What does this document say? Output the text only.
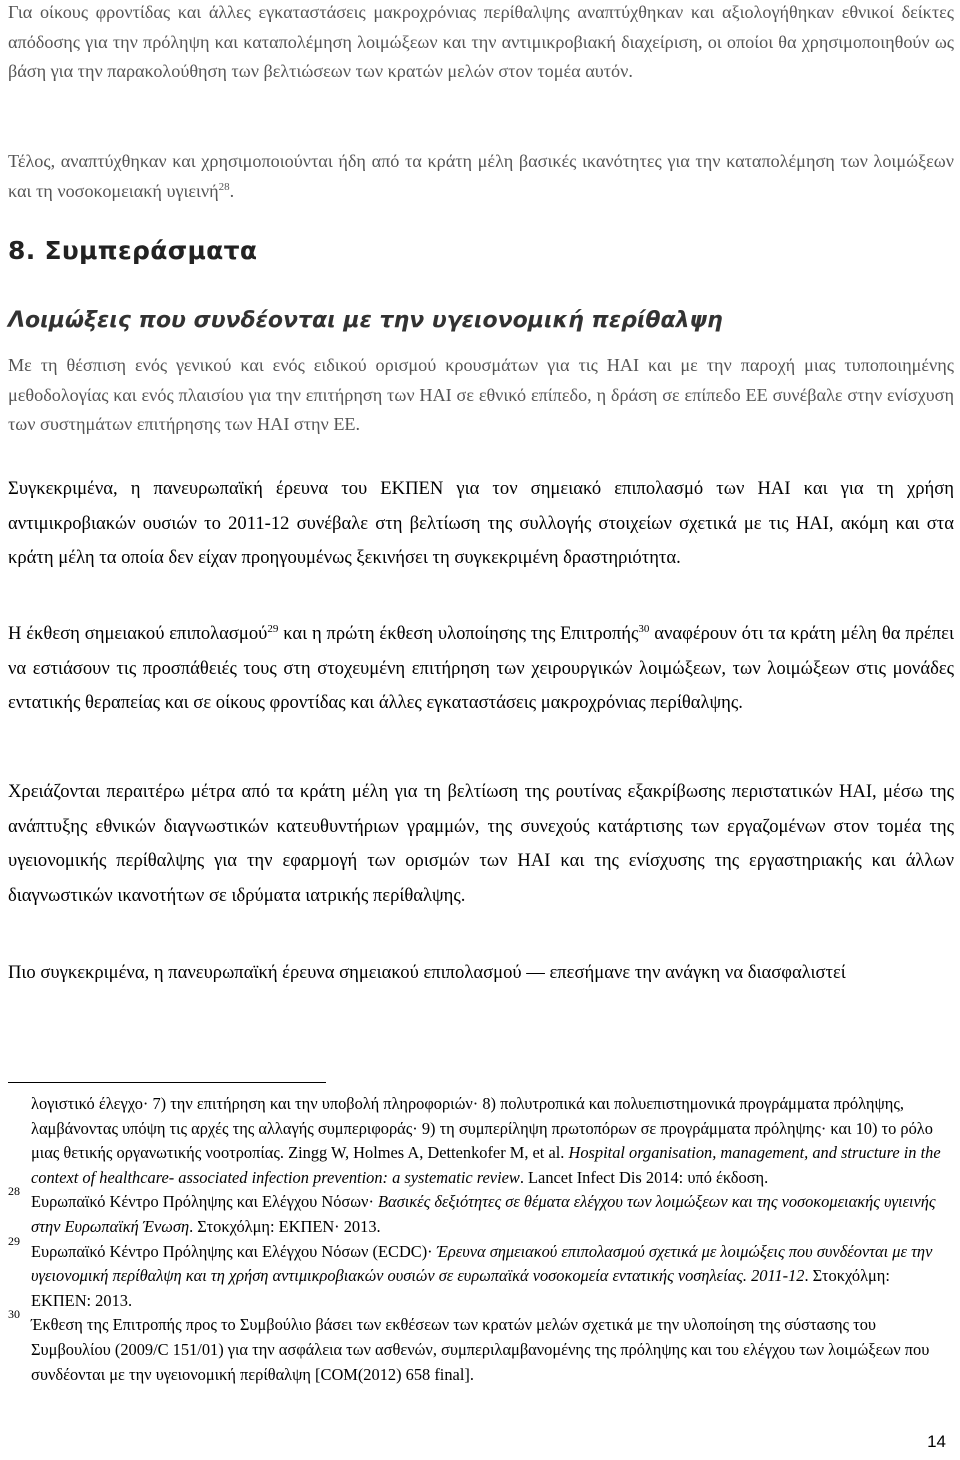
Για οίκους φροντίδας και άλλες εγκαταστάσεις μακροχρόνιας περίθαλψης αναπτύχθηκαν και αξιολογήθηκαν εθνικοί δείκτες απόδοσης για την πρόληψη και καταπολέμηση λοιμώξεων και την αντιμικροβιακή διαχείριση, οι οποίοι θα χρησιμοποιηθούν ως βάση για την παρακολούθηση των βελτιώσεων των κρατών μελών στον τομέα αυτόν.

Τέλος, αναπτύχθηκαν και χρησιμοποιούνται ήδη από τα κράτη μέλη βασικές ικανότητες για την καταπολέμηση των λοιμώξεων και τη νοσοκομειακή υγιεινή$^{28}$.

8. Συμπεράσματα
Λοιμώξεις που συνδέονται με την υγειονομική περίθαλψη

Με τη θέσπιση ενός γενικού και ενός ειδικού ορισμού κρουσμάτων για τις HAI και με την παροχή μιας τυποποιημένης μεθοδολογίας και ενός πλαισίου για την επιτήρηση των HAI σε εθνικό επίπεδο, η δράση σε επίπεδο ΕΕ συνέβαλε στην ενίσχυση των συστημάτων επιτήρησης των HAI στην ΕΕ.

Συγκεκριμένα, η πανευρωπαϊκή έρευνα του ΕΚΠΕΝ για τον σημειακό επιπολασμό των HAI και για τη χρήση αντιμικροβιακών ουσιών το 2011-12 συνέβαλε στη βελτίωση της συλλογής στοιχείων σχετικά με τις HAI, ακόμη και στα κράτη μέλη τα οποία δεν είχαν προηγουμένως ξεκινήσει τη συγκεκριμένη δραστηριότητα.

Η έκθεση σημειακού επιπολασμού$^{29}$ και η πρώτη έκθεση υλοποίησης της Επιτροπής$^{30}$ αναφέρουν ότι τα κράτη μέλη θα πρέπει να εστιάσουν τις προσπάθειές τους στη στοχευμένη επιτήρηση των χειρουργικών λοιμώξεων, των λοιμώξεων στις μονάδες εντατικής θεραπείας και σε οίκους φροντίδας και άλλες εγκαταστάσεις μακροχρόνιας περίθαλψης.

Χρειάζονται περαιτέρω μέτρα από τα κράτη μέλη για τη βελτίωση της ρουτίνας εξακρίβωσης περιστατικών HAI, μέσω της ανάπτυξης εθνικών διαγνωστικών κατευθυντήριων γραμμών, της συνεχούς κατάρτισης των εργαζομένων στον τομέα της υγειονομικής περίθαλψης για την εφαρμογή των ορισμών των HAI και της ενίσχυσης της εργαστηριακής και άλλων διαγνωστικών ικανοτήτων σε ιδρύματα ιατρικής περίθαλψης.

Πιο συγκεκριμένα, η πανευρωπαϊκή έρευνα σημειακού επιπολασμού — επεσήμανε την ανάγκη να διασφαλιστεί

λογιστικό έλεγχο· 7) την επιτήρηση και την υποβολή πληροφοριών· 8) πολυτροπικά και πολυεπιστημονικά προγράμματα πρόληψης, λαμβάνοντας υπόψη τις αρχές της αλλαγής συμπεριφοράς· 9) τη συμπερίληψη πρωτοπόρων σε προγράμματα πρόληψης· και 10) το ρόλο μιας θετικής οργανωτικής νοοτροπίας. Zingg W, Holmes A, Dettenkofer M, et al. Hospital organisation, management, and structure in the context of healthcare- associated infection prevention: a systematic review. Lancet Infect Dis 2014: υπό έκδοση.
28
Ευρωπαϊκό Κέντρο Πρόληψης και Ελέγχου Νόσων· Βασικές δεξιότητες σε θέματα ελέγχου των λοιμώξεων και της νοσοκομειακής υγιεινής στην Ευρωπαϊκή Ένωση. Στοκχόλμη: ΕΚΠΕΝ· 2013.
29
Ευρωπαϊκό Κέντρο Πρόληψης και Ελέγχου Νόσων (ECDC)· Έρευνα σημειακού επιπολασμού σχετικά με λοιμώξεις που συνδέονται με την υγειονομική περίθαλψη και τη χρήση αντιμικροβιακών ουσιών σε ευρωπαϊκά νοσοκομεία εντατικής νοσηλείας. 2011-12. Στοκχόλμη: ΕΚΠΕΝ: 2013.
30
Έκθεση της Επιτροπής προς το Συμβούλιο βάσει των εκθέσεων των κρατών μελών σχετικά με την υλοποίηση της σύστασης του Συμβουλίου (2009/C 151/01) για την ασφάλεια των ασθενών, συμπεριλαμβανομένης της πρόληψης και του ελέγχου των λοιμώξεων που συνδέονται με την υγειονομική περίθαλψη [COM(2012) 658 final].
14
